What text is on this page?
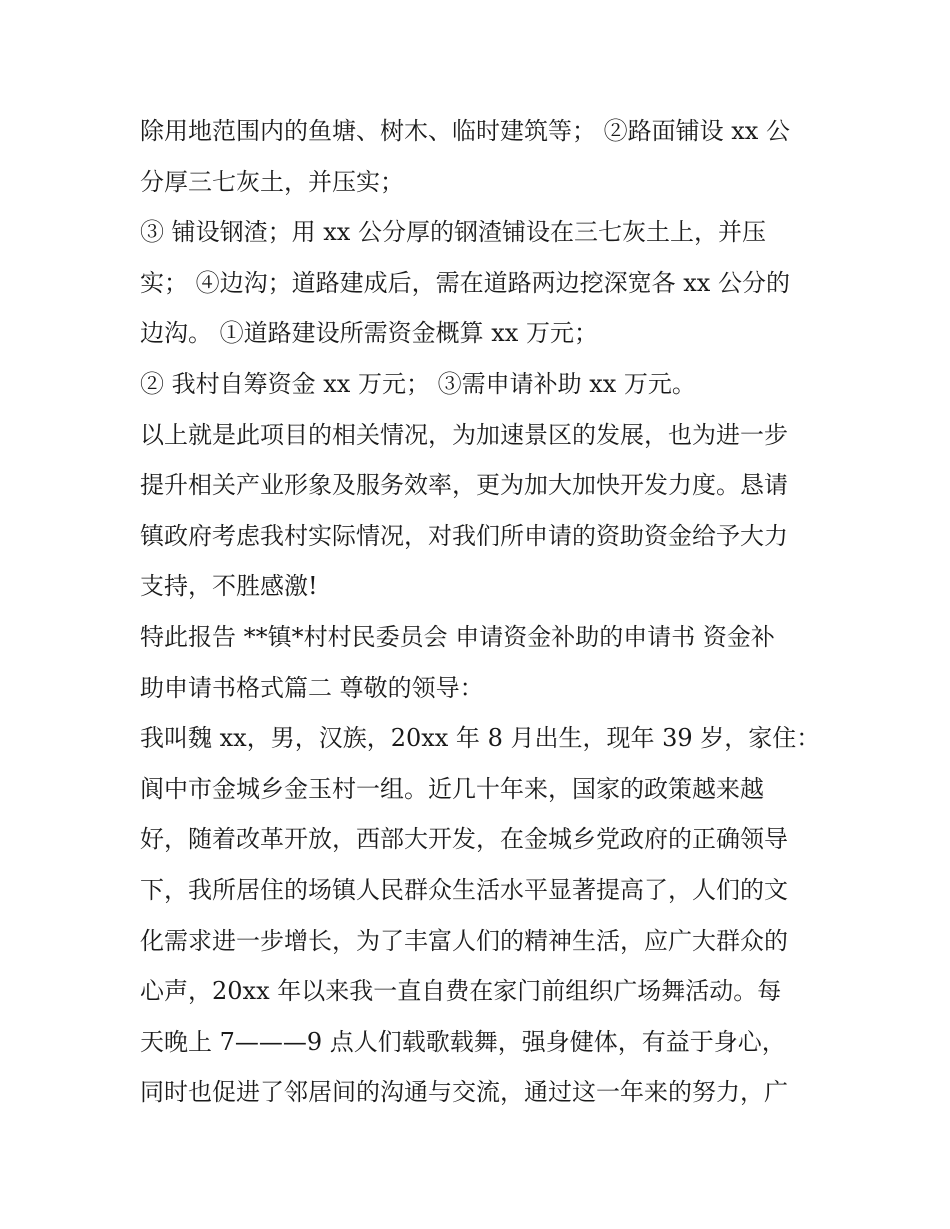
除用地范围内的鱼塘、树木、临时建筑等； ②路面铺设 xx 公
分厚三七灰土，并压实；
③ 铺设钢渣；用 xx 公分厚的钢渣铺设在三七灰土上，并压
实； ④边沟；道路建成后，需在道路两边挖深宽各 xx 公分的
边沟。 ①道路建设所需资金概算 xx 万元；
② 我村自筹资金 xx 万元； ③需申请补助 xx 万元。
以上就是此项目的相关情况，为加速景区的发展，也为进一步
提升相关产业形象及服务效率，更为加大加快开发力度。恳请
镇政府考虑我村实际情况，对我们所申请的资助资金给予大力
支持，不胜感激!
特此报告 **镇*村村民委员会 申请资金补助的申请书 资金补
助申请书格式篇二 尊敬的领导：
我叫魏 xx，男，汉族，20xx 年 8 月出生，现年 39 岁，家住：
阆中市金城乡金玉村一组。近几十年来，国家的政策越来越
好，随着改革开放，西部大开发，在金城乡党政府的正确领导
下，我所居住的场镇人民群众生活水平显著提高了，人们的文
化需求进一步增长，为了丰富人们的精神生活，应广大群众的
心声，20xx 年以来我一直自费在家门前组织广场舞活动。每
天晚上 7———9 点人们载歌载舞，强身健体，有益于身心，
同时也促进了邻居间的沟通与交流，通过这一年来的努力，广
